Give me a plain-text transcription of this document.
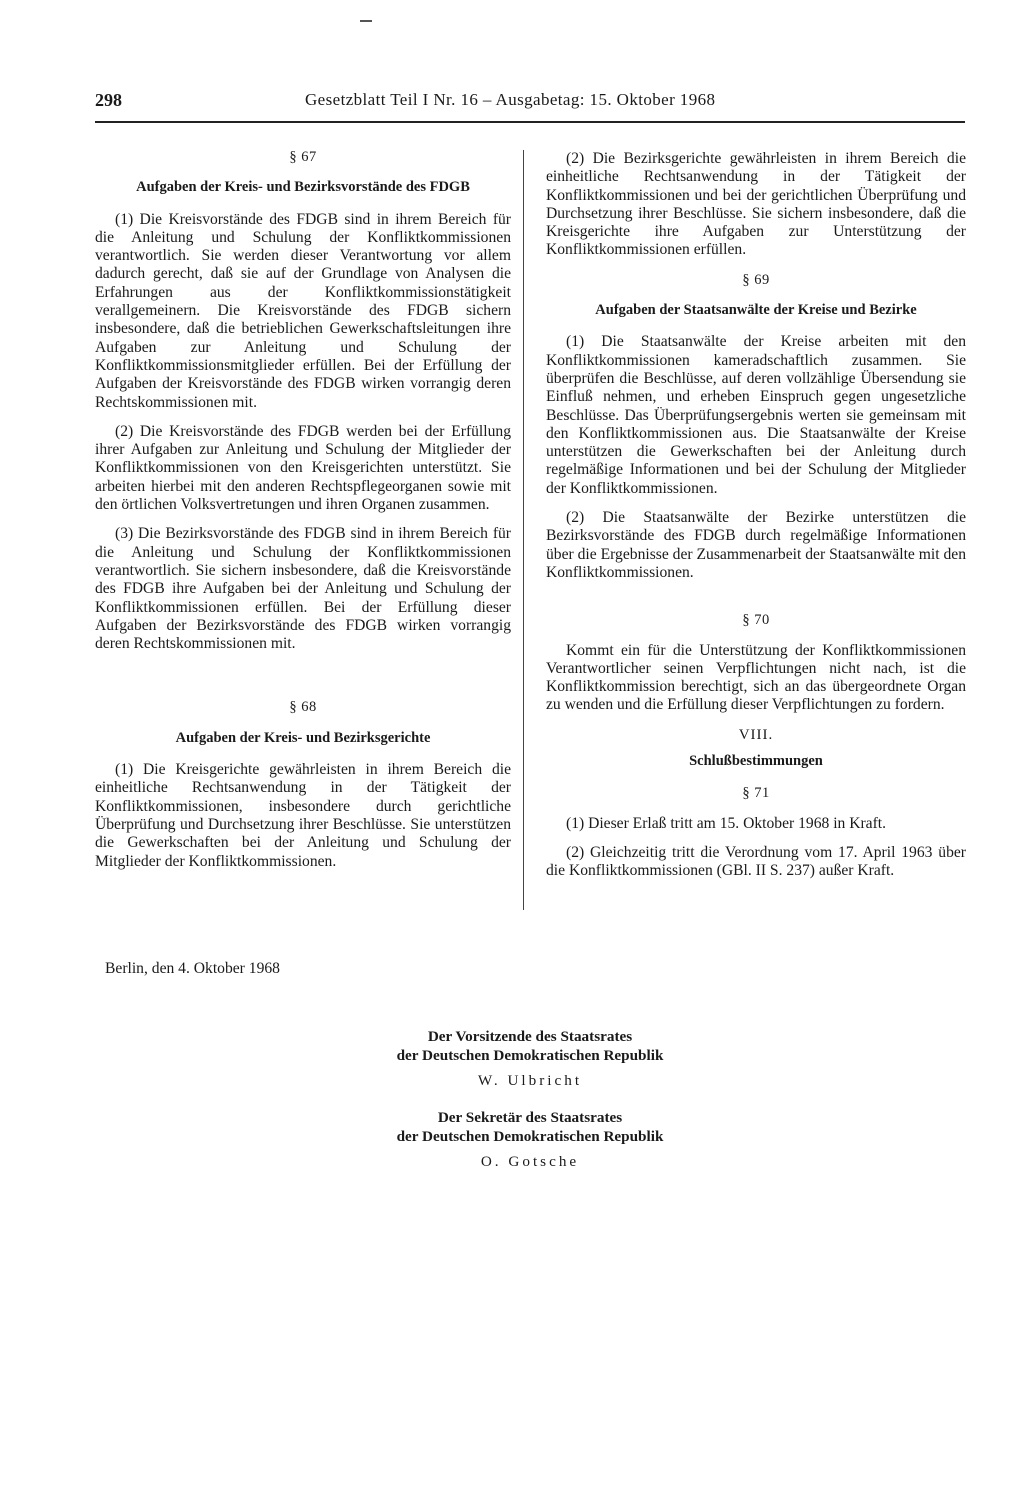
298	Gesetzblatt Teil I Nr. 16 – Ausgabetag: 15. Oktober 1968
§ 67
Aufgaben der Kreis- und Bezirksvorstände des FDGB

(1) Die Kreisvorstände des FDGB sind in ihrem Bereich für die Anleitung und Schulung der Konfliktkommissionen verantwortlich. Sie werden dieser Verantwortung vor allem dadurch gerecht, daß sie auf der Grundlage von Analysen die Erfahrungen aus der Konfliktkommissionstätigkeit verallgemeinern. Die Kreisvorstände des FDGB sichern insbesondere, daß die betrieblichen Gewerkschaftsleitungen ihre Aufgaben zur Anleitung und Schulung der Konfliktkommissionsmitglieder erfüllen. Bei der Erfüllung der Aufgaben der Kreisvorstände des FDGB wirken vorrangig deren Rechtskommissionen mit.

(2) Die Kreisvorstände des FDGB werden bei der Erfüllung ihrer Aufgaben zur Anleitung und Schulung der Mitglieder der Konfliktkommissionen von den Kreisgerichten unterstützt. Sie arbeiten hierbei mit den anderen Rechtspflegeorganen sowie mit den örtlichen Volksvertretungen und ihren Organen zusammen.

(3) Die Bezirksvorstände des FDGB sind in ihrem Bereich für die Anleitung und Schulung der Konfliktkommissionen verantwortlich. Sie sichern insbesondere, daß die Kreisvorstände des FDGB ihre Aufgaben bei der Anleitung und Schulung der Konfliktkommissionen erfüllen. Bei der Erfüllung dieser Aufgaben der Bezirksvorstände des FDGB wirken vorrangig deren Rechtskommissionen mit.

§ 68
Aufgaben der Kreis- und Bezirksgerichte

(1) Die Kreisgerichte gewährleisten in ihrem Bereich die einheitliche Rechtsanwendung in der Tätigkeit der Konfliktkommissionen, insbesondere durch gerichtliche Überprüfung und Durchsetzung ihrer Beschlüsse. Sie unterstützen die Gewerkschaften bei der Anleitung und Schulung der Mitglieder der Konfliktkommissionen.

(2) Die Bezirksgerichte gewährleisten in ihrem Bereich die einheitliche Rechtsanwendung in der Tätigkeit der Konfliktkommissionen und bei der gerichtlichen Überprüfung und Durchsetzung ihrer Beschlüsse. Sie sichern insbesondere, daß die Kreisgerichte ihre Aufgaben zur Unterstützung der Konfliktkommissionen erfüllen.

§ 69
Aufgaben der Staatsanwälte der Kreise und Bezirke

(1) Die Staatsanwälte der Kreise arbeiten mit den Konfliktkommissionen kameradschaftlich zusammen. Sie überprüfen die Beschlüsse, auf deren vollzählige Übersendung sie Einfluß nehmen, und erheben Einspruch gegen ungesetzliche Beschlüsse. Das Überprüfungsergebnis werten sie gemeinsam mit den Konfliktkommissionen aus. Die Staatsanwälte der Kreise unterstützen die Gewerkschaften bei der Anleitung durch regelmäßige Informationen und bei der Schulung der Mitglieder der Konfliktkommissionen.

(2) Die Staatsanwälte der Bezirke unterstützen die Bezirksvorstände des FDGB durch regelmäßige Informationen über die Ergebnisse der Zusammenarbeit der Staatsanwälte mit den Konfliktkommissionen.

§ 70

Kommt ein für die Unterstützung der Konfliktkommissionen Verantwortlicher seinen Verpflichtungen nicht nach, ist die Konfliktkommission berechtigt, sich an das übergeordnete Organ zu wenden und die Erfüllung dieser Verpflichtungen zu fordern.

VIII.
Schlußbestimmungen
§ 71

(1) Dieser Erlaß tritt am 15. Oktober 1968 in Kraft.

(2) Gleichzeitig tritt die Verordnung vom 17. April 1963 über die Konfliktkommissionen (GBl. II S. 237) außer Kraft.

Berlin, den 4. Oktober 1968
Der Vorsitzende des Staatsrates
der Deutschen Demokratischen Republik
W. Ulbricht
Der Sekretär des Staatsrates
der Deutschen Demokratischen Republik
O. Gotsche
